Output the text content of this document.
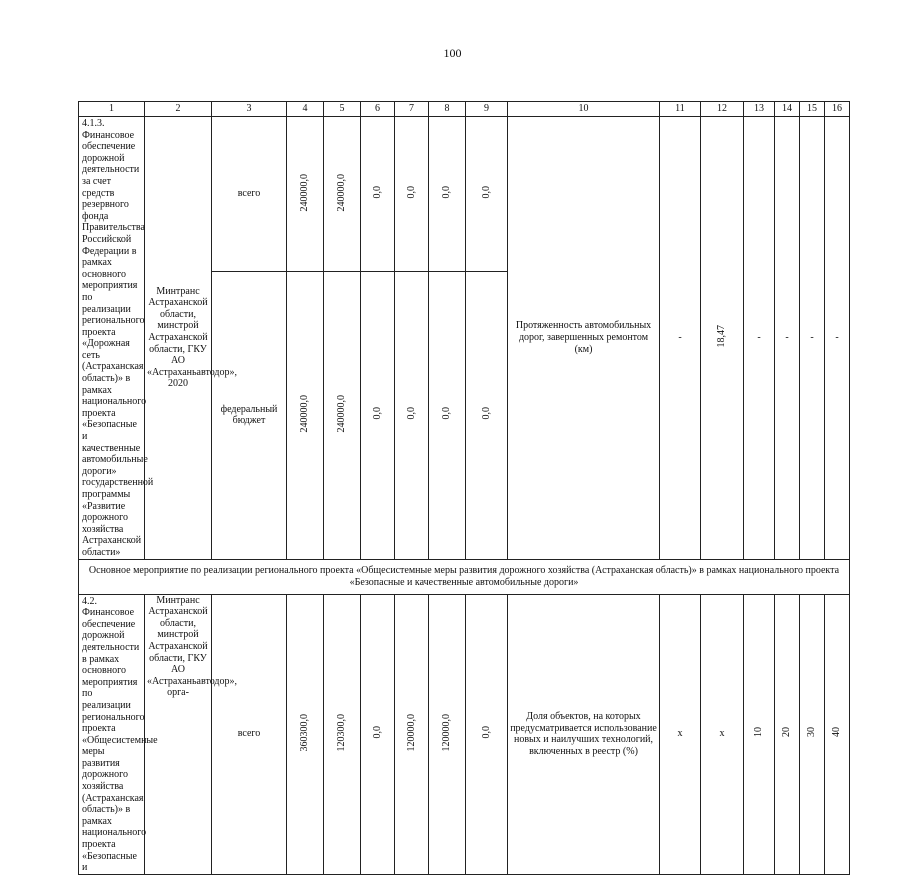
100
1	2	3	4	5	6	7	8	9	10	11	12	13	14	15	16
4.1.3. Финансовое обеспечение дорожной деятельности за счет средств резервного фонда Правительства Российской Федерации в рамках основного мероприятия по реализации регионального проекта «Дорожная сеть (Астраханская область)» в рамках национального проекта «Безопасные и качественные автомобильные дороги» государственной программы «Развитие дорожного хозяйства Астраханской области»	Минтранс Астраханской области, минстрой Астраханской области, ГКУ АО «Астраханьавтодор», 2020	всего	240000,0	240000,0	0,0	0,0	0,0	0,0	Протяженность автомобильных дорог, завершенных ремонтом (км)	-	18,47	-	-	-	-
		федеральный бюджет	240000,0	240000,0	0,0	0,0	0,0	0,0							
Основное мероприятие по реализации регионального проекта «Общесистемные меры развития дорожного хозяйства (Астраханская область)» в рамках национального проекта «Безопасные и качественные автомобильные дороги»															
4.2. Финансовое обеспечение дорожной деятельности в рамках основного мероприятия по реализации регионального проекта «Общесистемные меры развития дорожного хозяйства (Астраханская область)» в рамках национального проекта «Безопасные и	Минтранс Астраханской области, минстрой Астраханской области, ГКУ АО «Астраханьавтодор», орга-	всего	360300,0	120300,0	0,0	120000,0	120000,0	0,0	Доля объектов, на которых предусматривается использование новых и наилучших технологий, включенных в реестр (%)	х	х	10	20	30	40
